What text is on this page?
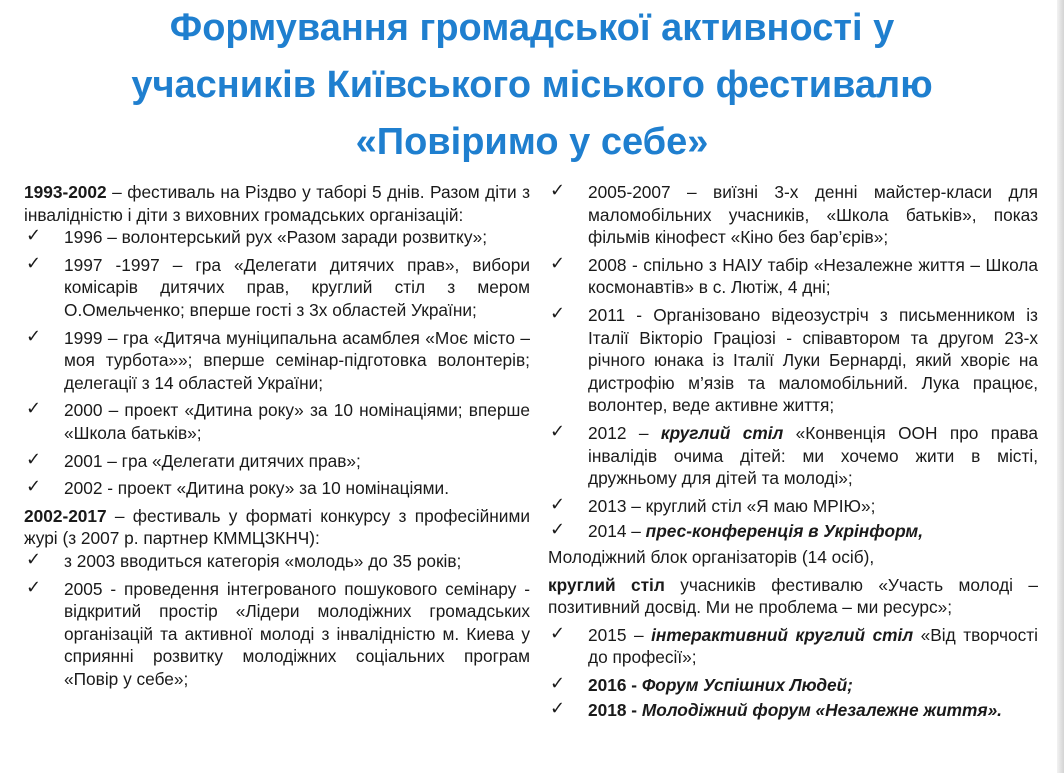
Формування громадської активності у
учасників Київського міського фестивалю
«Повіримо у себе»

1993-2002 – фестиваль на Різдво у таборі 5 днів. Разом діти з інвалідністю і діти з виховних громадських організацій:

✓ 1996 – волонтерський рух «Разом заради розвитку»;
✓ 1997 -1997 – гра «Делегати дитячих прав», вибори комісарів дитячих прав, круглий стіл з мером О.Омельченко; вперше гості з 3х областей України;
✓ 1999 – гра «Дитяча муніципальна асамблея «Моє місто – моя турбота»»; вперше семінар-підготовка волонтерів; делегації з 14 областей України;
✓ 2000 – проект «Дитина року» за 10 номінаціями; вперше «Школа батьків»;
✓ 2001 – гра «Делегати дитячих прав»;
✓ 2002 - проект «Дитина року» за 10 номінаціями.

2002-2017 – фестиваль у форматі конкурсу з професійними журі (з 2007 р. партнер КММЦЗКНЧ):

✓ з 2003 вводиться категорія «молодь» до 35 років;
✓ 2005 - проведення інтегрованого пошукового семінару - відкритий простір «Лідери молодіжних громадських організацій та активної молоді з інвалідністю м. Киева у сприянні розвитку молодіжних соціальних програм «Повір у себе»;
✓ 2005-2007 – виїзні 3-х денні майстер-класи для маломобільних учасників, «Школа батьків», показ фільмів кінофест «Кіно без бар’єрів»;
✓ 2008 - спільно з НАІУ табір «Незалежне життя – Школа космонавтів» в с. Лютіж, 4 дні;
✓ 2011 - Організовано відеозустріч з письменником із Італії Вікторіо Граціозі - співавтором та другом 23-х річного юнака із Італії Луки Бернарді, який хворіє на дистрофію м’язів та маломобільний. Лука працює, волонтер, веде активне життя;
✓ 2012 – круглий стіл «Конвенція ООН про права інвалідів очима дітей: ми хочемо жити в місті, дружньому для дітей та молоді»;
✓ 2013 – круглий стіл «Я маю МРІЮ»;
✓ 2014 – прес-конференція в Укрінформ,

Молодіжний блок організаторів (14 осіб),

круглий стіл учасників фестивалю «Участь молоді – позитивний досвід. Ми не проблема – ми ресурс»;

✓ 2015 – інтерактивний круглий стіл «Від творчості до професії»;
✓ 2016 - Форум Успішних Людей;
✓ 2018 - Молодіжний форум «Незалежне життя».
